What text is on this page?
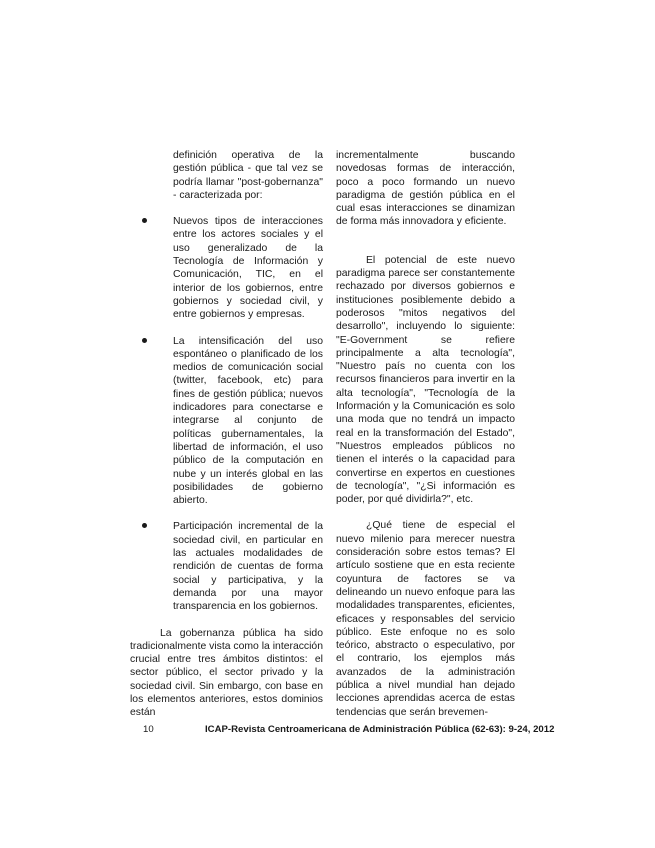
definición operativa de la gestión pública - que tal vez se podría llamar "post-gobernanza" - caracterizada por:

Nuevos tipos de interacciones entre los actores sociales y el uso generalizado de la Tecnología de Información y Comunicación, TIC, en el interior de los gobiernos, entre gobiernos y sociedad civil, y entre gobiernos y empresas.

La intensificación del uso espontáneo o planificado de los medios de comunicación social (twitter, facebook, etc) para fines de gestión pública; nuevos indicadores para conectarse e integrarse al conjunto de políticas gubernamentales, la libertad de información, el uso público de la computación en nube y un interés global en las posibilidades de gobierno abierto.

Participación incremental de la sociedad civil, en particular en las actuales modalidades de rendición de cuentas de forma social y participativa, y la demanda por una mayor transparencia en los gobiernos.

La gobernanza pública ha sido tradicionalmente vista como la interacción crucial entre tres ámbitos distintos: el sector público, el sector privado y la sociedad civil. Sin embargo, con base en los elementos anteriores, estos dominios están

incrementalmente buscando novedosas formas de interacción, poco a poco formando un nuevo paradigma de gestión pública en el cual esas interacciones se dinamizan de forma más innovadora y eficiente.

El potencial de este nuevo paradigma parece ser constantemente rechazado por diversos gobiernos e instituciones posiblemente debido a poderosos "mitos negativos del desarrollo", incluyendo lo siguiente: "E-Government se refiere principalmente a alta tecnología", "Nuestro país no cuenta con los recursos financieros para invertir en la alta tecnología", "Tecnología de la Información y la Comunicación es solo una moda que no tendrá un impacto real en la transformación del Estado", "Nuestros empleados públicos no tienen el interés o la capacidad para convertirse en expertos en cuestiones de tecnología", "¿Si información es poder, por qué dividirla?", etc.

¿Qué tiene de especial el nuevo milenio para merecer nuestra consideración sobre estos temas? El artículo sostiene que en esta reciente coyuntura de factores se va delineando un nuevo enfoque para las modalidades transparentes, eficientes, eficaces y responsables del servicio público. Este enfoque no es solo teórico, abstracto o especulativo, por el contrario, los ejemplos más avanzados de la administración pública a nivel mundial han dejado lecciones aprendidas acerca de estas tendencias que serán brevemen-

10	ICAP-Revista Centroamericana de Administración Pública (62-63): 9-24, 2012
